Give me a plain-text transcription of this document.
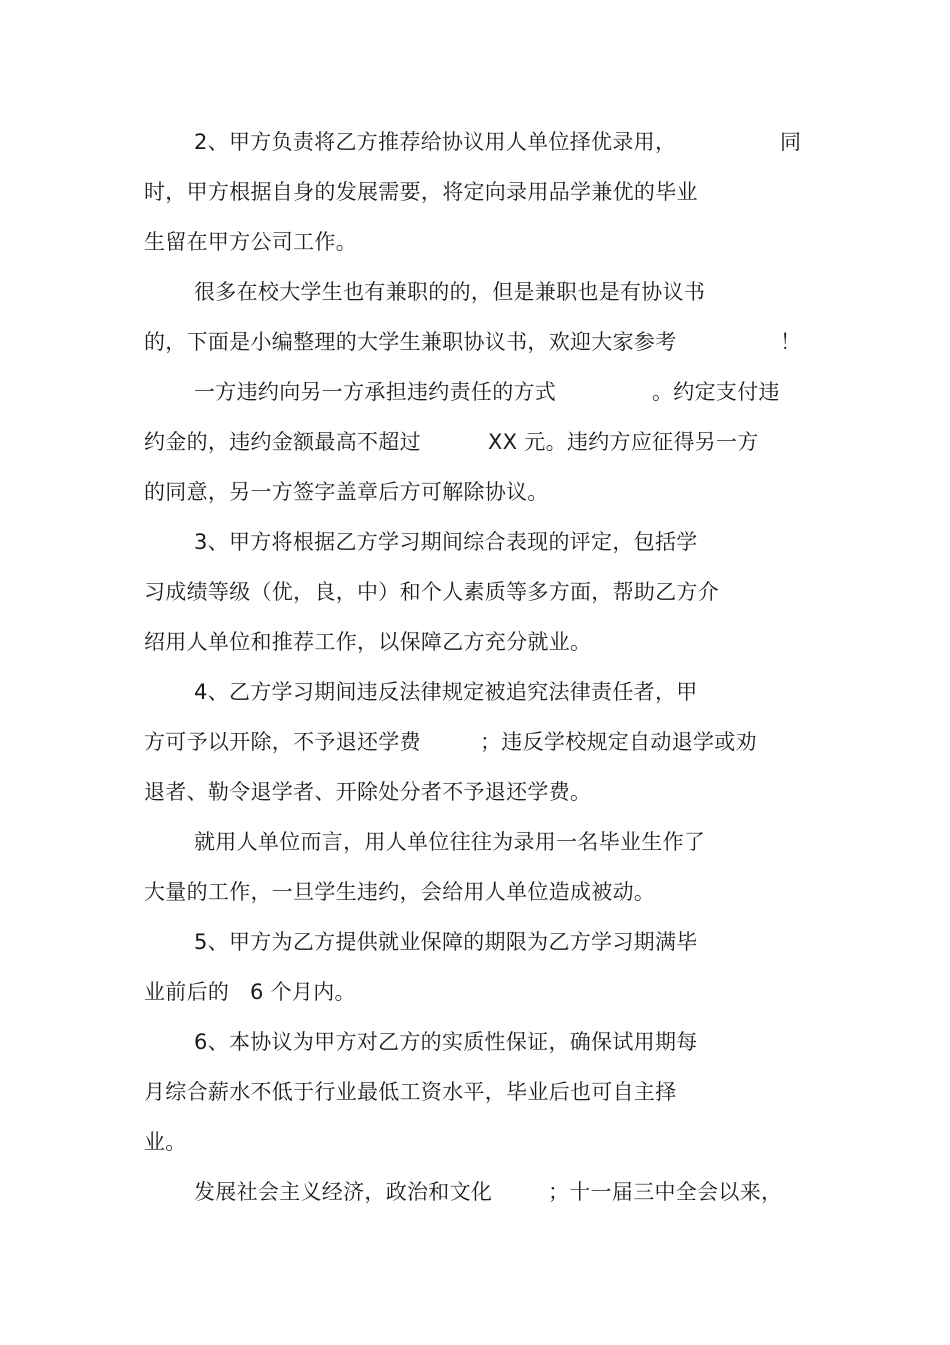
2、甲方负责将乙方推荐给协议用人单位择优录用，	同
时，甲方根据自身的发展需要，将定向录用品学兼优的毕业
生留在甲方公司工作。
很多在校大学生也有兼职的的，但是兼职也是有协议书
的，下面是小编整理的大学生兼职协议书，欢迎大家参考	！
一方违约向另一方承担违约责任的方式	。约定支付违
约金的，违约金额最高不超过	XX 元。违约方应征得另一方
的同意，另一方签字盖章后方可解除协议。
3、甲方将根据乙方学习期间综合表现的评定，包括学
习成绩等级（优，良，中）和个人素质等多方面，帮助乙方介
绍用人单位和推荐工作，以保障乙方充分就业。
4、乙方学习期间违反法律规定被追究法律责任者，甲
方可予以开除，不予退还学费	；违反学校规定自动退学或劝
退者、勒令退学者、开除处分者不予退还学费。
就用人单位而言，用人单位往往为录用一名毕业生作了
大量的工作，一旦学生违约，会给用人单位造成被动。
5、甲方为乙方提供就业保障的期限为乙方学习期满毕
业前后的 6 个月内。
6、本协议为甲方对乙方的实质性保证，确保试用期每
月综合薪水不低于行业最低工资水平，毕业后也可自主择
业。
发展社会主义经济，政治和文化	；十一届三中全会以来，
